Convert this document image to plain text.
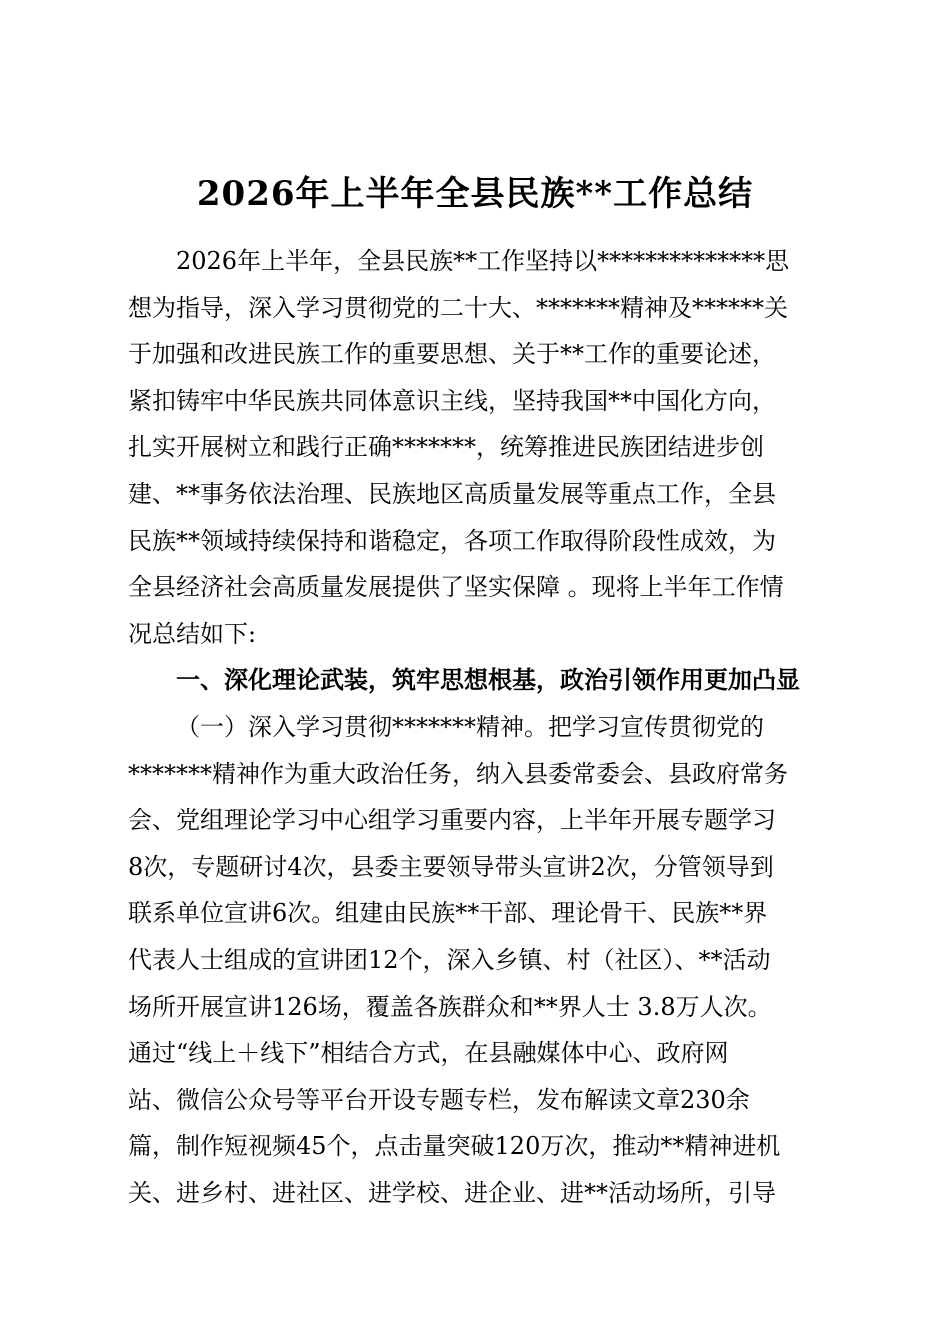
2026年上半年全县民族**工作总结
2026年上半年，全县民族**工作坚持以**************思
想为指导，深入学习贯彻党的二十大、*******精神及******关
于加强和改进民族工作的重要思想、关于**工作的重要论述，
紧扣铸牢中华民族共同体意识主线，坚持我国**中国化方向，
扎实开展树立和践行正确*******，统筹推进民族团结进步创
建、**事务依法治理、民族地区高质量发展等重点工作，全县
民族**领域持续保持和谐稳定，各项工作取得阶段性成效，为
全县经济社会高质量发展提供了坚实保障 。现将上半年工作情
况总结如下:
一、深化理论武装，筑牢思想根基，政治引领作用更加凸显
（一）深入学习贯彻*******精神。把学习宣传贯彻党的
*******精神作为重大政治任务，纳入县委常委会、县政府常务
会、党组理论学习中心组学习重要内容，上半年开展专题学习
8次，专题研讨4次，县委主要领导带头宣讲2次，分管领导到
联系单位宣讲6次。组建由民族**干部、理论骨干、民族**界
代表人士组成的宣讲团12个，深入乡镇、村（社区）、**活动
场所开展宣讲126场，覆盖各族群众和**界人士 3.8万人次。
通过“线上＋线下”相结合方式，在县融媒体中心、政府网
站、微信公众号等平台开设专题专栏，发布解读文章230余
篇，制作短视频45个，点击量突破120万次，推动**精神进机
关、进乡村、进社区、进学校、进企业、进**活动场所，引导
